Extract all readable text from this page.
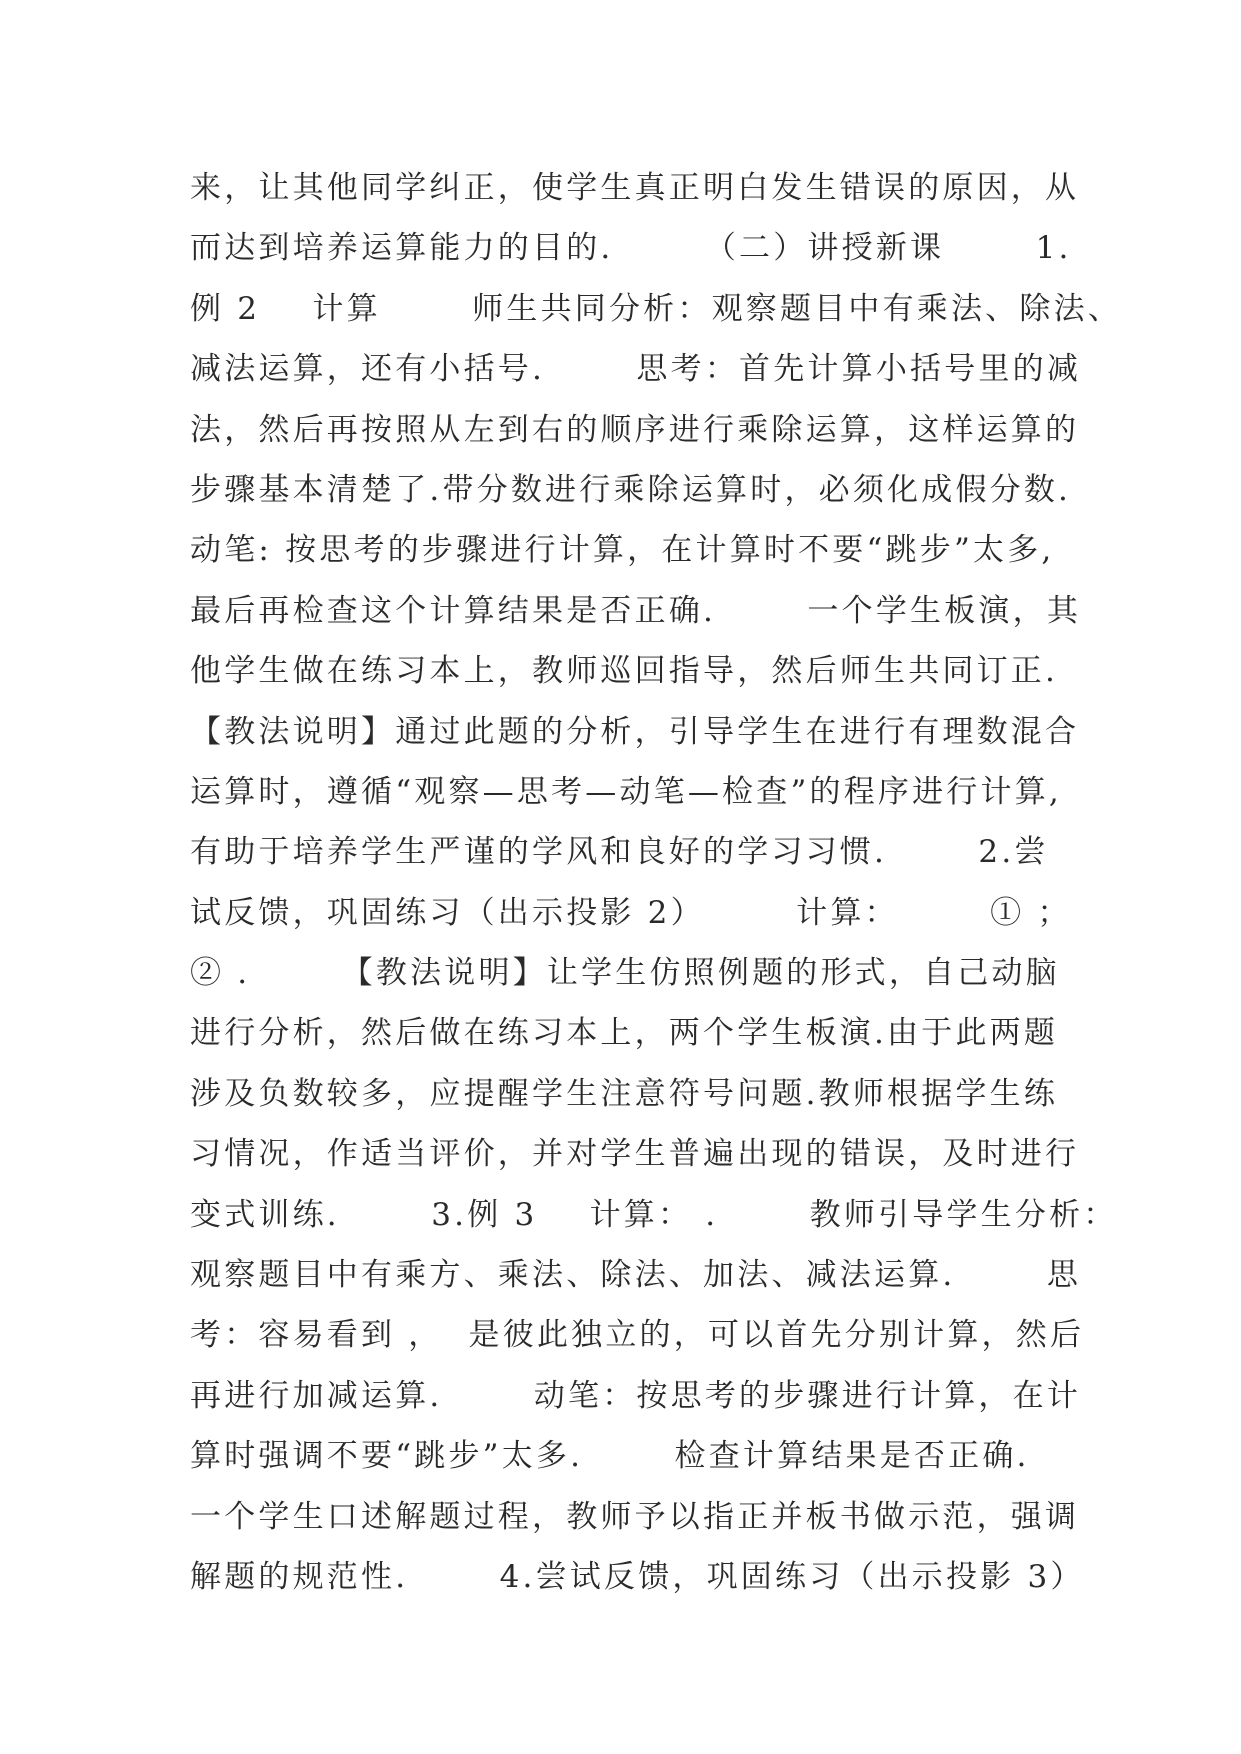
来，让其他同学纠正，使学生真正明白发生错误的原因，从
而达到培养运算能力的目的.       （二）讲授新课       1.
例 2    计算       师生共同分析：观察题目中有乘法、除法、
减法运算，还有小括号.       思考：首先计算小括号里的减
法，然后再按照从左到右的顺序进行乘除运算，这样运算的
步骤基本清楚了.带分数进行乘除运算时，必须化成假分数.
动笔: 按思考的步骤进行计算，在计算时不要“跳步”太多,
最后再检查这个计算结果是否正确.       一个学生板演，其
他学生做在练习本上，教师巡回指导，然后师生共同订正.
【教法说明】通过此题的分析，引导学生在进行有理数混合
运算时，遵循“观察—思考—动笔—检查”的程序进行计算,
有助于培养学生严谨的学风和良好的学习习惯.       2.尝
试反馈，巩固练习（出示投影 2）       计算：       ① ；
② .       【教法说明】让学生仿照例题的形式，自己动脑
进行分析，然后做在练习本上，两个学生板演.由于此两题
涉及负数较多，应提醒学生注意符号问题.教师根据学生练
习情况，作适当评价，并对学生普遍出现的错误，及时进行
变式训练.       3.例 3    计算： .       教师引导学生分析：
观察题目中有乘方、乘法、除法、加法、减法运算.       思
考：容易看到 ，  是彼此独立的，可以首先分别计算，然后
再进行加减运算.       动笔：按思考的步骤进行计算，在计
算时强调不要“跳步”太多.       检查计算结果是否正确.
一个学生口述解题过程，教师予以指正并板书做示范，强调
解题的规范性.       4.尝试反馈，巩固练习（出示投影 3）
